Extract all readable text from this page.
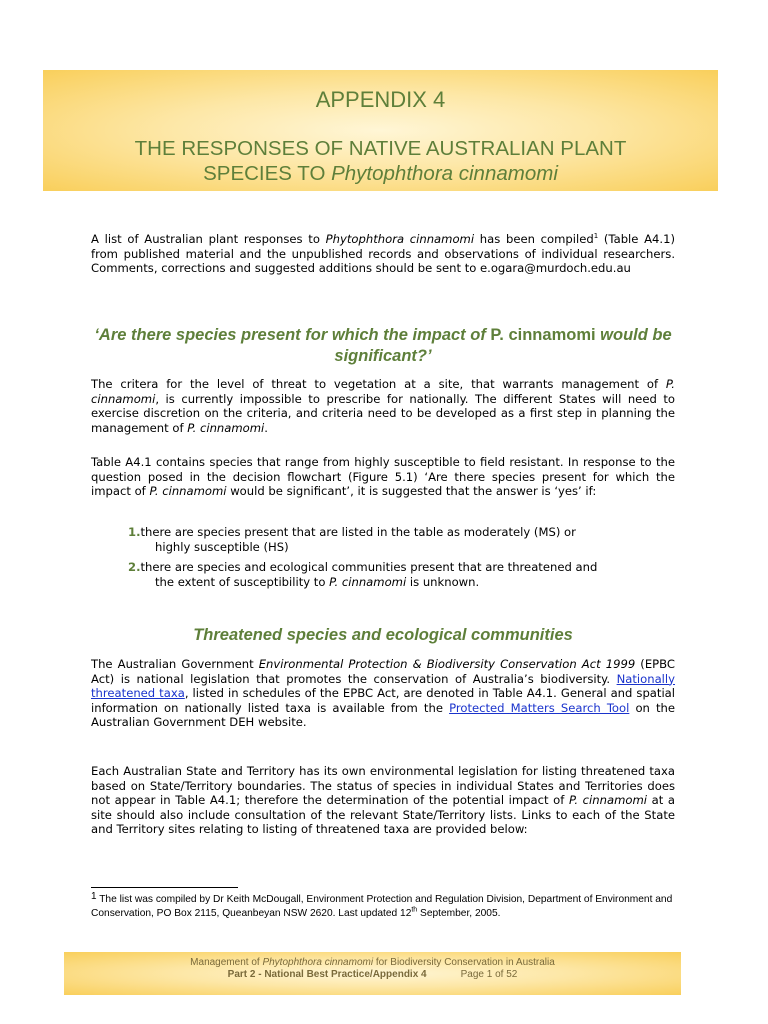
APPENDIX 4
THE RESPONSES OF NATIVE AUSTRALIAN PLANT
SPECIES TO Phytophthora cinnamomi

A list of Australian plant responses to Phytophthora cinnamomi has been compiled$^1$ (Table A4.1) from published material and the unpublished records and observations of individual researchers. Comments, corrections and suggested additions should be sent to e.ogara@murdoch.edu.au

‘Are there species present for which the impact of P. cinnamomi would be significant?’

The critera for the level of threat to vegetation at a site, that warrants management of P. cinnamomi, is currently impossible to prescribe for nationally. The different States will need to exercise discretion on the criteria, and criteria need to be developed as a first step in planning the management of P. cinnamomi.

Table A4.1 contains species that range from highly susceptible to field resistant. In response to the question posed in the decision flowchart (Figure 5.1) ‘Are there species present for which the impact of P. cinnamomi would be significant’, it is suggested that the answer is ‘yes’ if:

1.there are species present that are listed in the table as moderately (MS) or
highly susceptible (HS)

2.there are species and ecological communities present that are threatened and
the extent of susceptibility to P. cinnamomi is unknown.

Threatened species and ecological communities

The Australian Government Environmental Protection & Biodiversity Conservation Act 1999 (EPBC Act) is national legislation that promotes the conservation of Australia’s biodiversity. Nationally threatened taxa, listed in schedules of the EPBC Act, are denoted in Table A4.1. General and spatial information on nationally listed taxa is available from the Protected Matters Search Tool on the Australian Government DEH website.

Each Australian State and Territory has its own environmental legislation for listing threatened taxa based on State/Territory boundaries. The status of species in individual States and Territories does not appear in Table A4.1; therefore the determination of the potential impact of P. cinnamomi at a site should also include consultation of the relevant State/Territory lists. Links to each of the State and Territory sites relating to listing of threatened taxa are provided below:

1 The list was compiled by Dr Keith McDougall, Environment Protection and Regulation Division, Department of Environment and Conservation, PO Box 2115, Queanbeyan NSW 2620. Last updated 12th September, 2005.

Management of Phytophthora cinnamomi for Biodiversity Conservation in Australia
Part 2 - National Best Practice/Appendix 4	Page 1 of 52
